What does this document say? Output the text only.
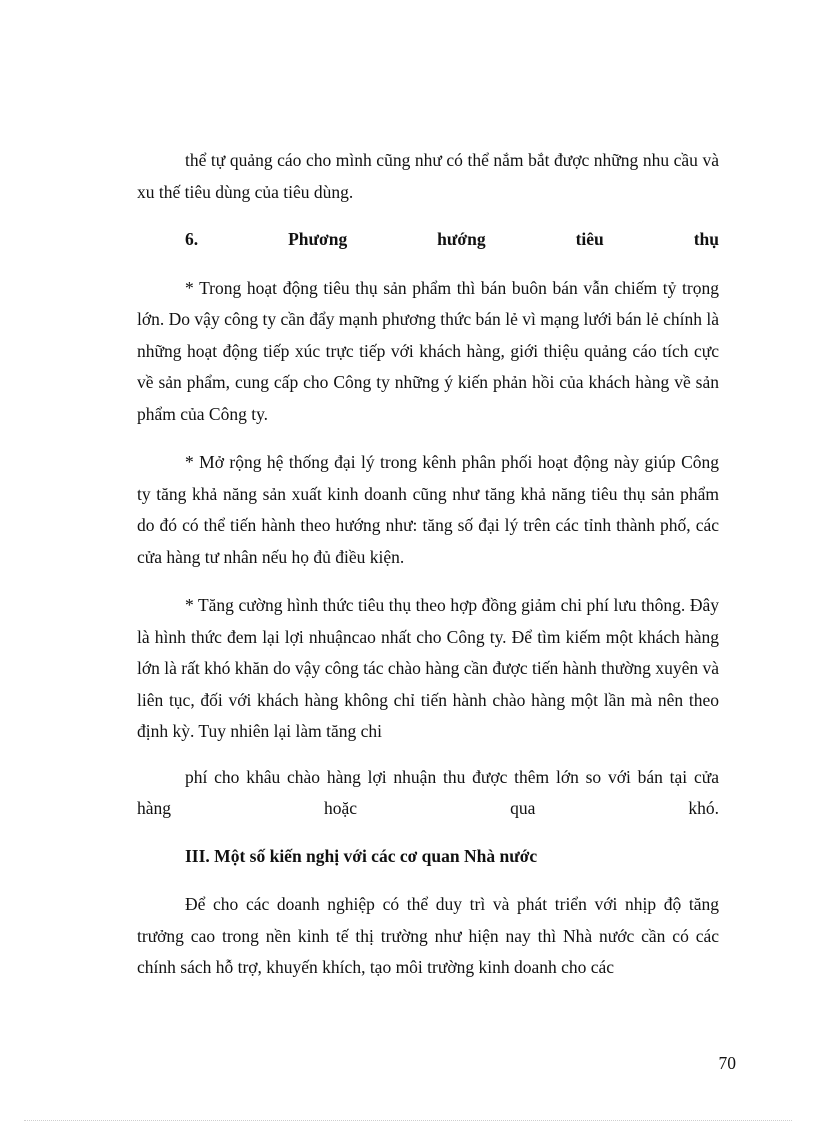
thể tự quảng cáo cho mình cũng như có thể nắm bắt được những nhu cầu và xu thế tiêu dùng của tiêu dùng.

6.	Phương	hướng	tiêu	thụ

* Trong hoạt động tiêu thụ sản phẩm thì bán buôn bán vẫn chiếm tỷ trọng lớn. Do vậy công ty cần đẩy mạnh phương thức bán lẻ vì mạng lưới bán lẻ chính là những hoạt động tiếp xúc trực tiếp với khách hàng, giới thiệu quảng cáo tích cực về sản phẩm, cung cấp cho Công ty những ý kiến phản hồi của khách hàng về sản phẩm của Công ty.

* Mở rộng hệ thống đại lý trong kênh phân phối hoạt động này giúp Công ty tăng khả năng sản xuất kinh doanh cũng như tăng khả năng tiêu thụ sản phẩm do đó có thể tiến hành theo hướng như: tăng số đại lý trên các tỉnh thành phố, các cửa hàng tư nhân nếu họ đủ điều kiện.

* Tăng cường hình thức tiêu thụ theo hợp đồng giảm chi phí lưu thông. Đây là hình thức đem lại lợi nhuậncao nhất cho Công ty. Để tìm kiếm một khách hàng lớn là rất khó khăn do vậy công tác chào hàng cần được tiến hành thường xuyên và liên tục, đối với khách hàng không chỉ tiến hành chào hàng một lần mà nên theo định kỳ. Tuy nhiên lại làm tăng chi

phí cho khâu chào hàng lợi nhuận thu được thêm lớn so với bán tại cửa hàng hoặc qua khó.

III. Một số kiến nghị với các cơ quan Nhà nước

Để cho các doanh nghiệp có thể duy trì và phát triển với nhịp độ tăng trưởng cao trong nền kinh tế thị trường như hiện nay thì Nhà nước cần có các chính sách hỗ trợ, khuyến khích, tạo môi trường kinh doanh cho các

70
